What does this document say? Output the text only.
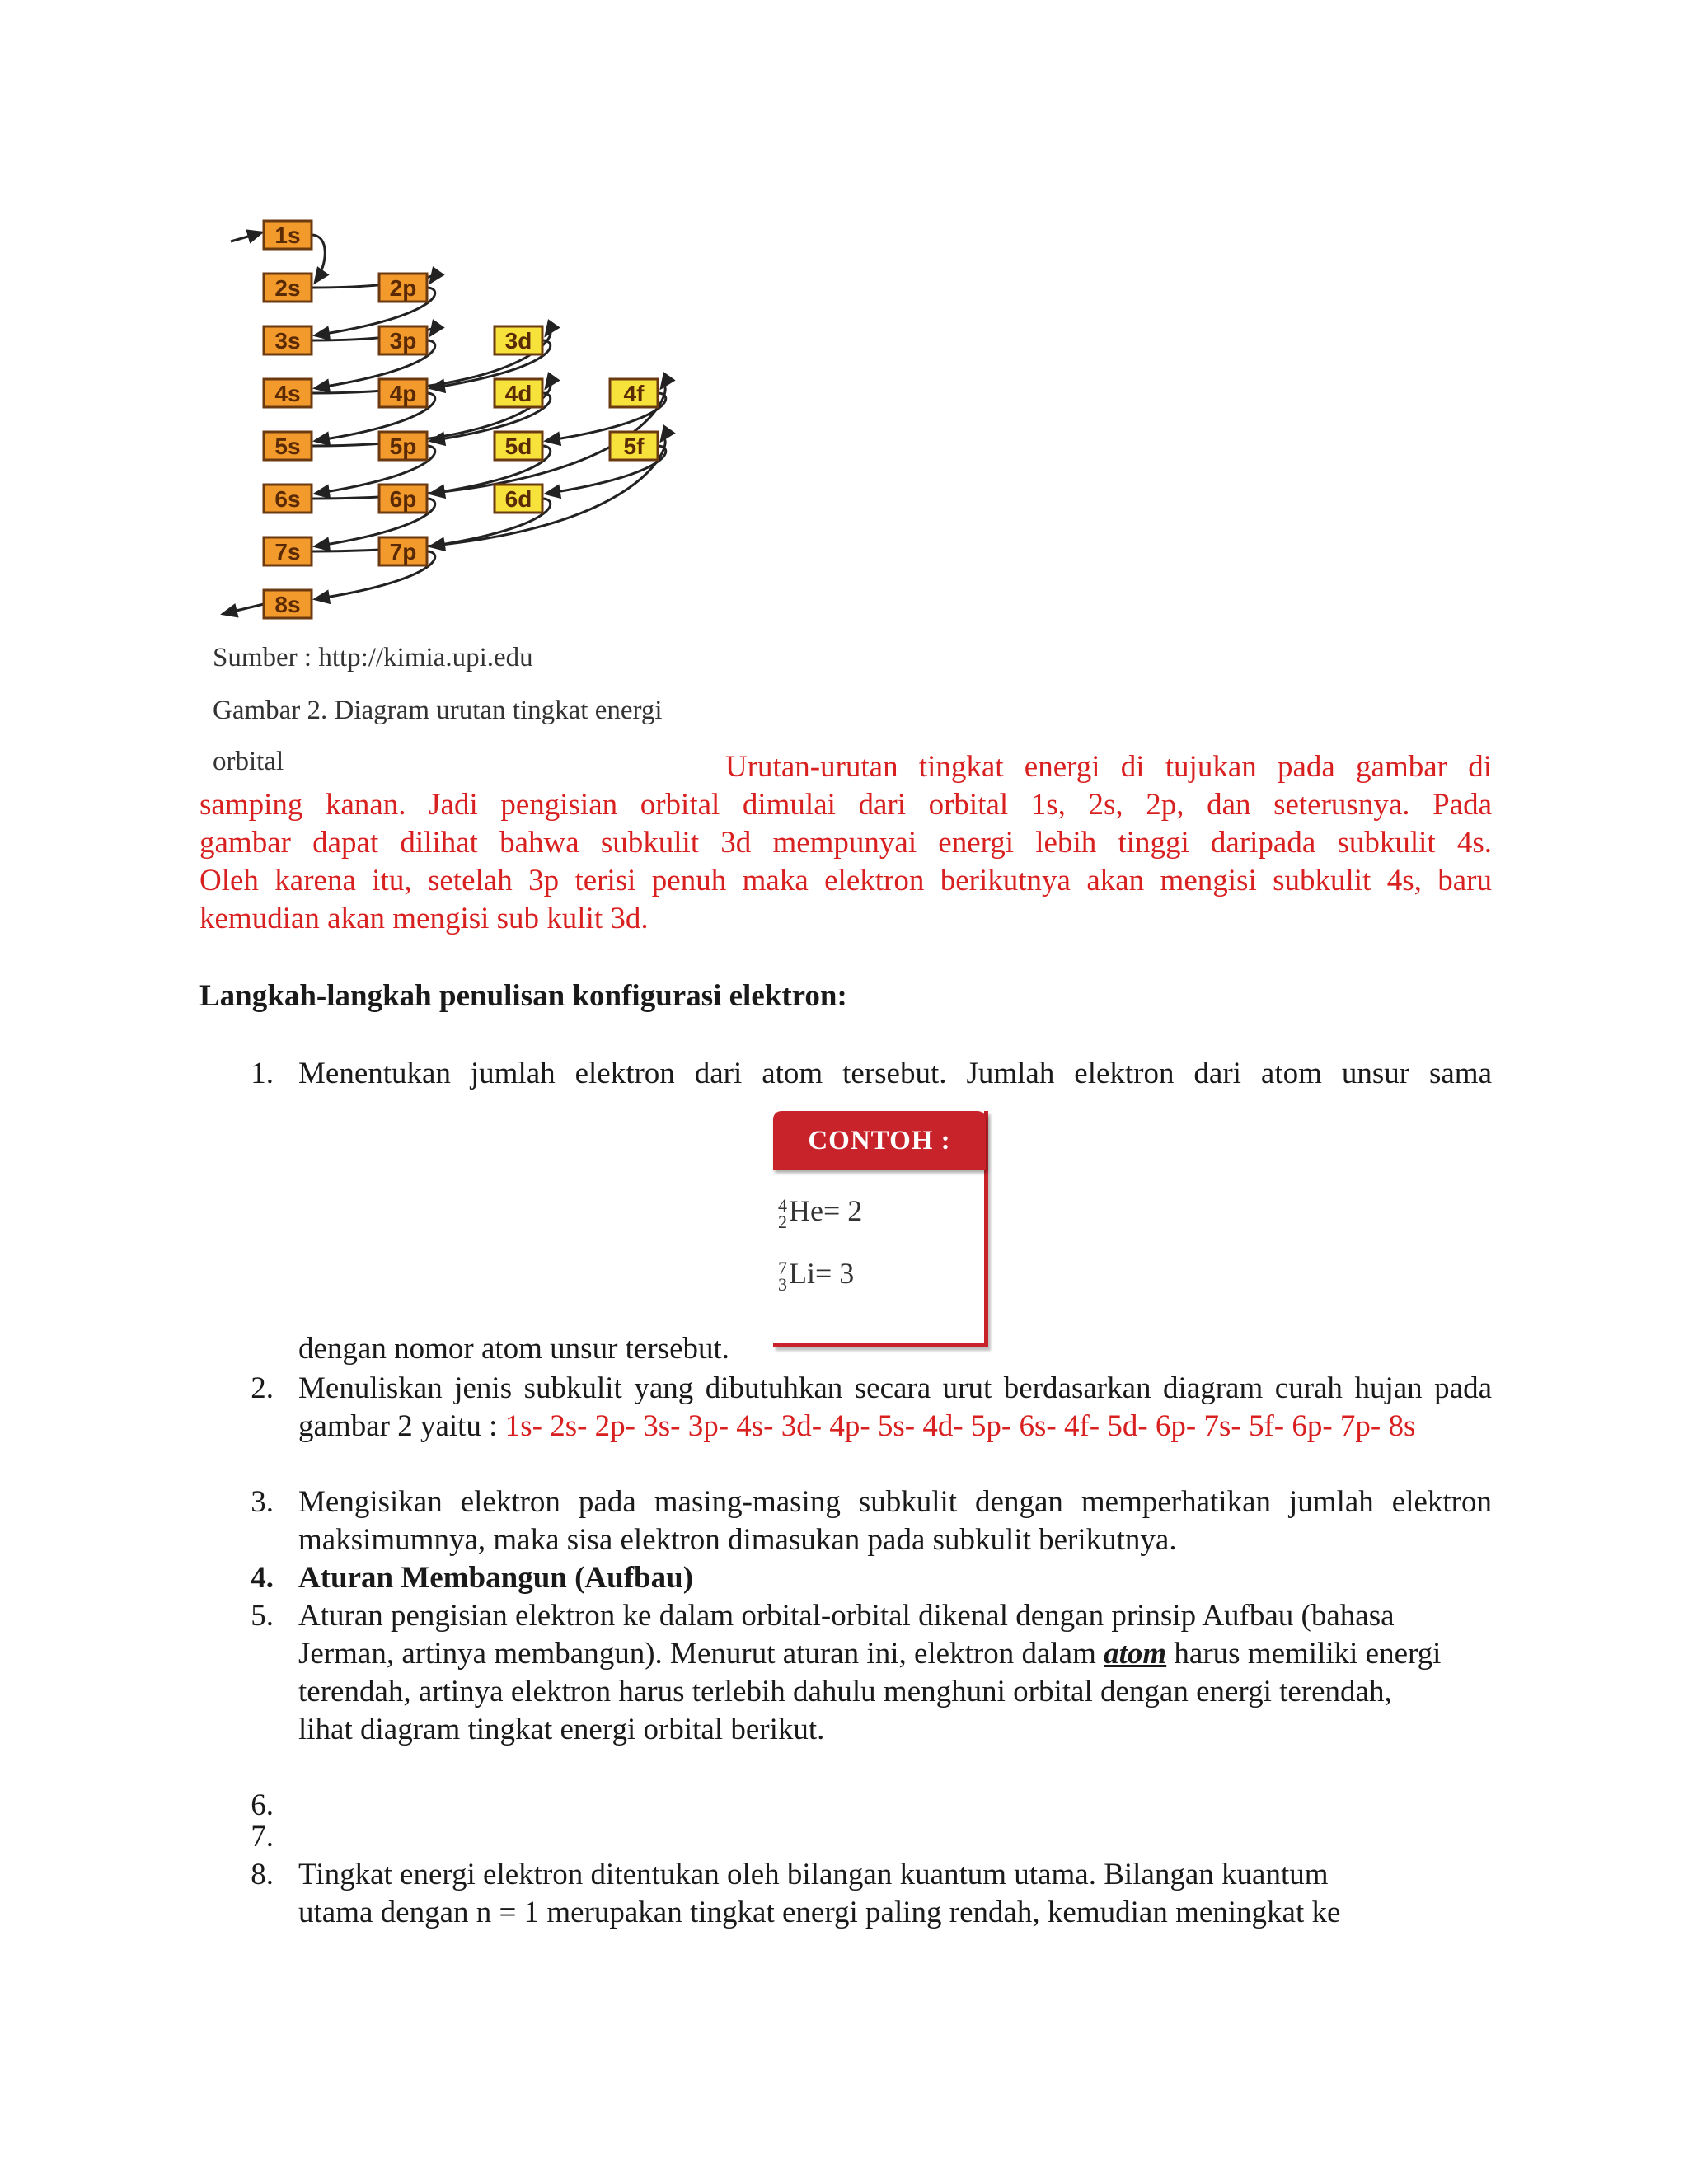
1s
2s	2p
3s	3p	3d
4s	4p	4d	4f
5s	5p	5d	5f
6s	6p	6d
7s	7p
8s
Sumber : http://kimia.upi.edu
Gambar 2. Diagram urutan tingkat energi
orbital	Urutan-urutan tingkat energi di tujukan pada gambar di
samping kanan. Jadi pengisian orbital dimulai dari orbital 1s, 2s, 2p, dan seterusnya. Pada
gambar dapat dilihat bahwa subkulit 3d mempunyai energi lebih tinggi daripada subkulit 4s.
Oleh karena itu, setelah 3p terisi penuh maka elektron berikutnya akan mengisi subkulit 4s, baru
kemudian akan mengisi sub kulit 3d.
Langkah-langkah penulisan konfigurasi elektron:
1. Menentukan jumlah elektron dari atom tersebut. Jumlah elektron dari atom unsur sama
CONTOH :
4
2 He= 2
7
3 Li= 3
dengan nomor atom unsur tersebut.
2. Menuliskan jenis subkulit yang dibutuhkan secara urut berdasarkan diagram curah hujan pada gambar 2 yaitu : 1s- 2s- 2p- 3s- 3p- 4s- 3d- 4p- 5s- 4d- 5p- 6s- 4f- 5d- 6p- 7s- 5f- 6p- 7p- 8s
3. Mengisikan elektron pada masing-masing subkulit dengan memperhatikan jumlah elektron maksimumnya, maka sisa elektron dimasukan pada subkulit berikutnya.
4. Aturan Membangun (Aufbau)
5. Aturan pengisian elektron ke dalam orbital-orbital dikenal dengan prinsip Aufbau (bahasa Jerman, artinya membangun). Menurut aturan ini, elektron dalam atom harus memiliki energi terendah, artinya elektron harus terlebih dahulu menghuni orbital dengan energi terendah, lihat diagram tingkat energi orbital berikut.
6.
7.
8. Tingkat energi elektron ditentukan oleh bilangan kuantum utama. Bilangan kuantum
utama dengan n = 1 merupakan tingkat energi paling rendah, kemudian meningkat ke
